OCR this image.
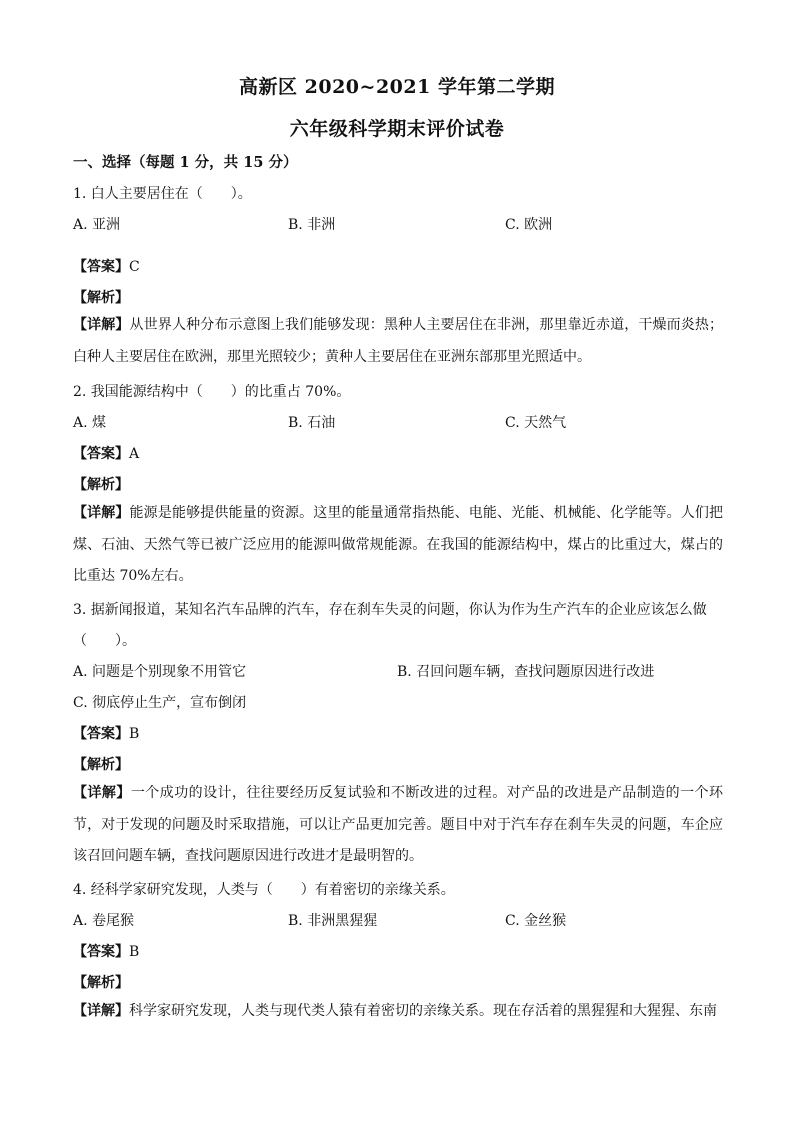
高新区 2020~2021 学年第二学期
六年级科学期末评价试卷
一、选择（每题 1 分，共 15 分）
1. 白人主要居住在（　　）。
A. 亚洲	B. 非洲	C. 欧洲
【答案】C
【解析】
【详解】从世界人种分布示意图上我们能够发现：黑种人主要居住在非洲，那里靠近赤道，干燥而炎热；白种人主要居住在欧洲，那里光照较少；黄种人主要居住在亚洲东部那里光照适中。
2. 我国能源结构中（　　）的比重占 70%。
A. 煤	B. 石油	C. 天然气
【答案】A
【解析】
【详解】能源是能够提供能量的资源。这里的能量通常指热能、电能、光能、机械能、化学能等。人们把煤、石油、天然气等已被广泛应用的能源叫做常规能源。在我国的能源结构中，煤占的比重过大，煤占的比重达 70%左右。
3. 据新闻报道，某知名汽车品牌的汽车，存在刹车失灵的问题，你认为作为生产汽车的企业应该怎么做
（　　）。
A. 问题是个别现象不用管它	B. 召回问题车辆，查找问题原因进行改进
C. 彻底停止生产，宣布倒闭
【答案】B
【解析】
【详解】一个成功的设计，往往要经历反复试验和不断改进的过程。对产品的改进是产品制造的一个环节，对于发现的问题及时采取措施，可以让产品更加完善。题目中对于汽车存在刹车失灵的问题，车企应该召回问题车辆，查找问题原因进行改进才是最明智的。
4. 经科学家研究发现，人类与（　　）有着密切的亲缘关系。
A. 卷尾猴	B. 非洲黑猩猩	C. 金丝猴
【答案】B
【解析】
【详解】科学家研究发现，人类与现代类人猿有着密切的亲缘关系。现在存活着的黑猩猩和大猩猩、东南
